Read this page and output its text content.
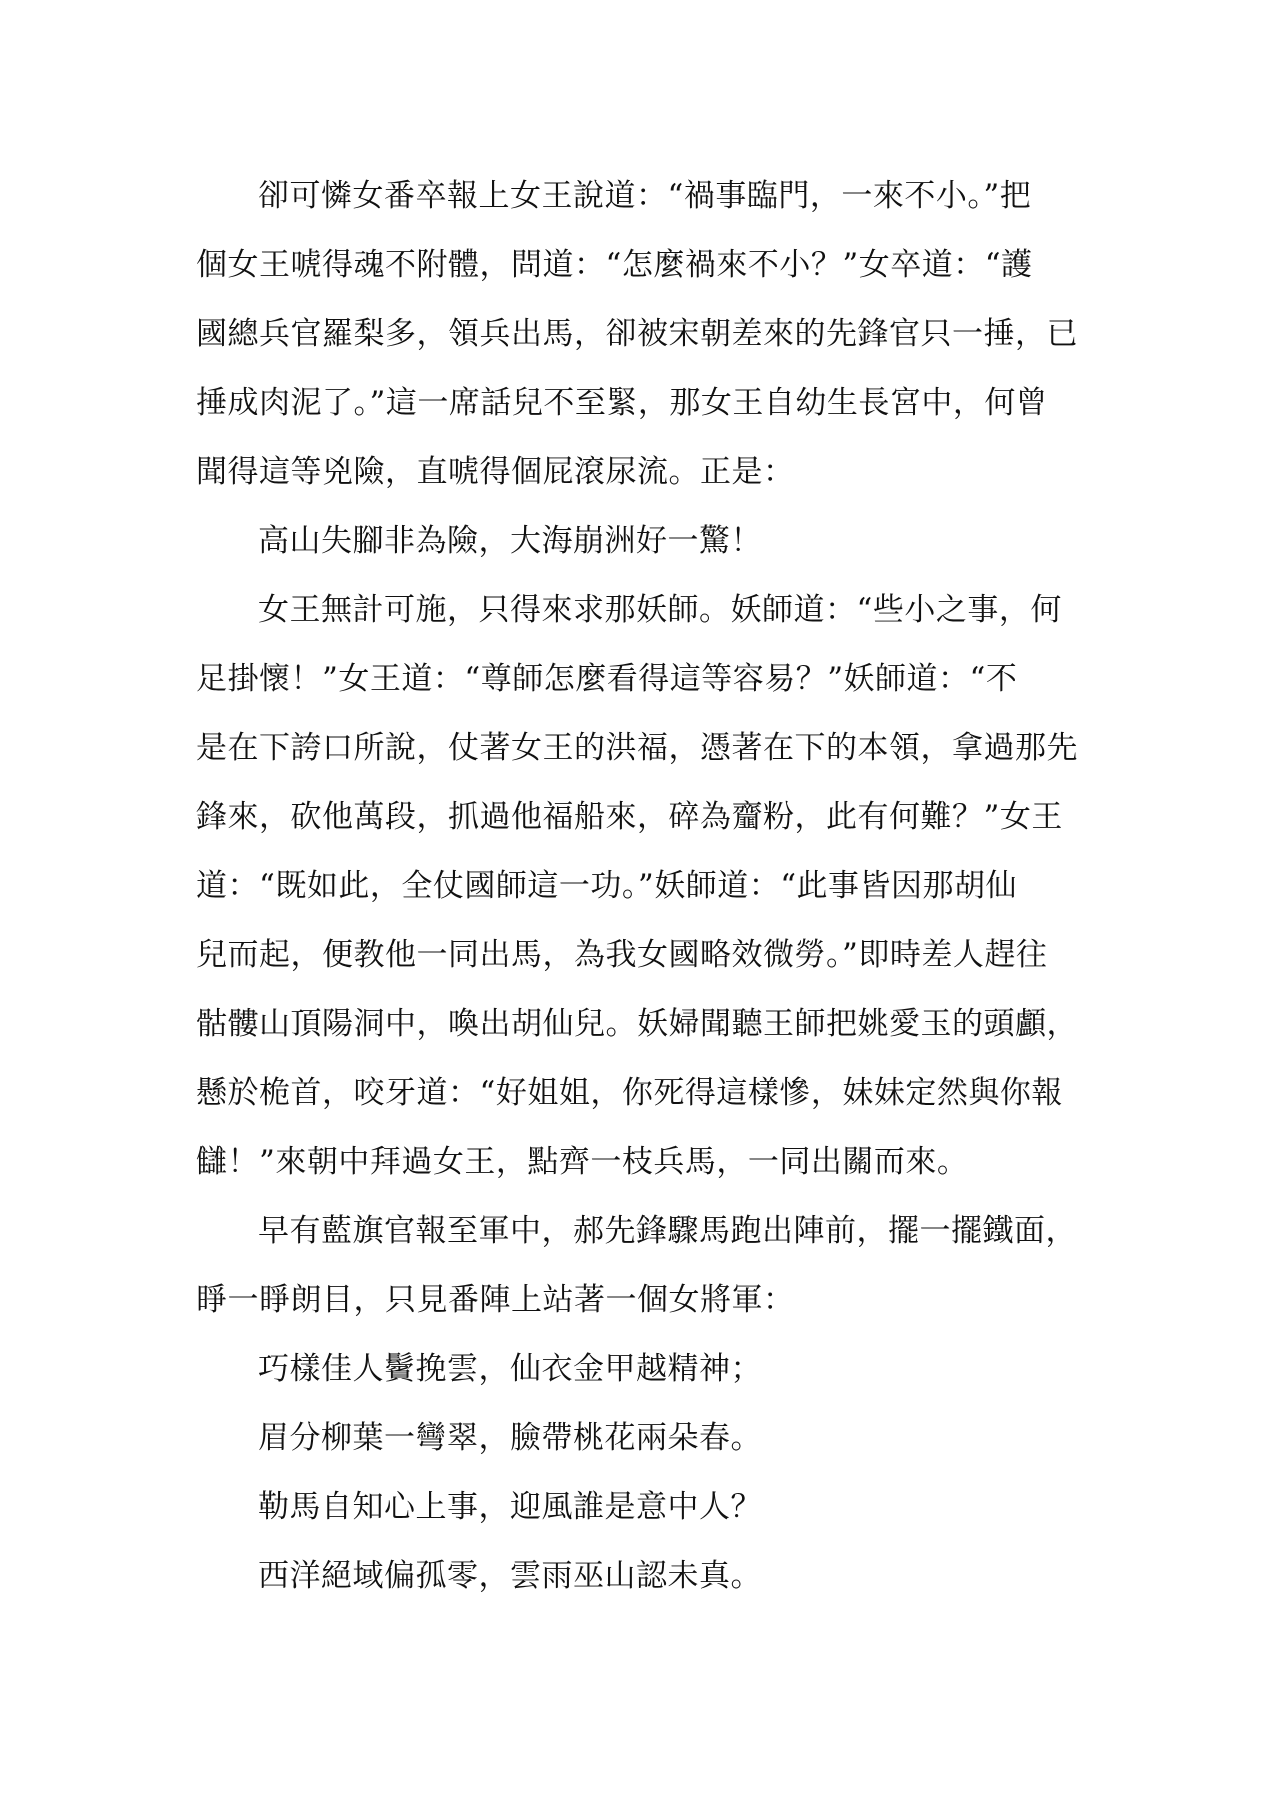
卻可憐女番卒報上女王說道：“禍事臨門，一來不小。”把
個女王唬得魂不附體，問道：“怎麼禍來不小？”女卒道：“護
國總兵官羅梨多，領兵出馬，卻被宋朝差來的先鋒官只一捶，已
捶成肉泥了。”這一席話兒不至緊，那女王自幼生長宮中，何曾
聞得這等兇險，直唬得個屁滾尿流。正是：
高山失腳非為險，大海崩洲好一驚！
女王無計可施，只得來求那妖師。妖師道：“些小之事，何
足掛懷！”女王道：“尊師怎麼看得這等容易？”妖師道：“不
是在下誇口所說，仗著女王的洪福，憑著在下的本領，拿過那先
鋒來，砍他萬段，抓過他福船來，碎為齏粉，此有何難？”女王
道：“既如此，全仗國師這一功。”妖師道：“此事皆因那胡仙
兒而起，便教他一同出馬，為我女國略效微勞。”即時差人趕往
骷髏山頂陽洞中，喚出胡仙兒。妖婦聞聽王師把姚愛玉的頭顱，
懸於桅首，咬牙道：“好姐姐，你死得這樣慘，妹妹定然與你報
讎！”來朝中拜過女王，點齊一枝兵馬，一同出關而來。
早有藍旗官報至軍中，郝先鋒驟馬跑出陣前，擺一擺鐵面，
睜一睜朗目，只見番陣上站著一個女將軍：
巧樣佳人鬢挽雲，仙衣金甲越精神；
眉分柳葉一彎翠，臉帶桃花兩朵春。
勒馬自知心上事，迎風誰是意中人？
西洋絕域偏孤零，雲雨巫山認未真。
